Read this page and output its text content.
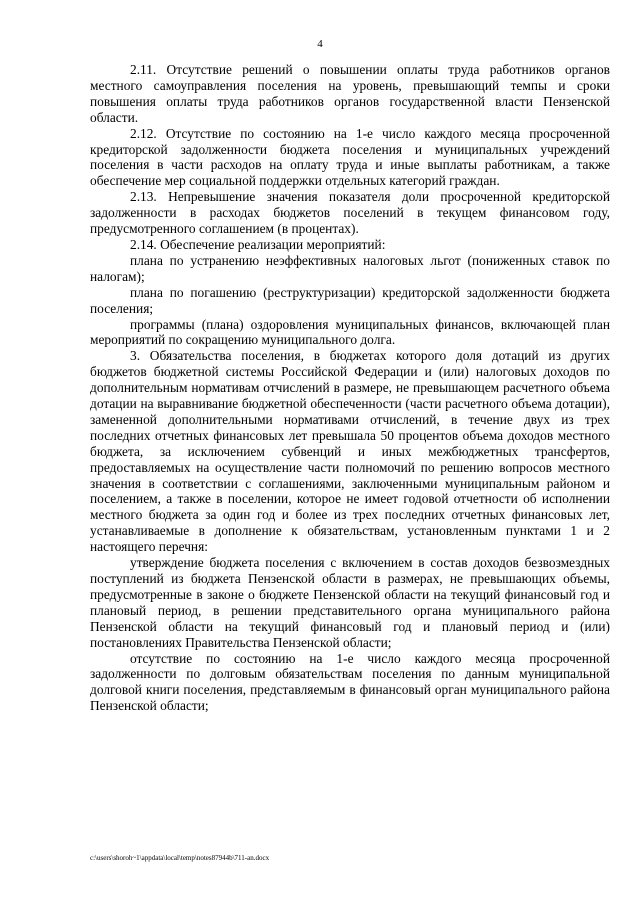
4

2.11. Отсутствие решений о повышении оплаты труда работников органов местного самоуправления поселения на уровень, превышающий темпы и сроки повышения оплаты труда работников органов государственной власти Пензенской области.

2.12. Отсутствие по состоянию на 1-е число каждого месяца просроченной кредиторской задолженности бюджета поселения и муниципальных учреждений поселения в части расходов на оплату труда и иные выплаты работникам, а также обеспечение мер социальной поддержки отдельных категорий граждан.

2.13. Непревышение значения показателя доли просроченной кредиторской задолженности в расходах бюджетов поселений в текущем финансовом году, предусмотренного соглашением (в процентах).

2.14. Обеспечение реализации мероприятий:

плана по устранению неэффективных налоговых льгот (пониженных ставок по налогам);

плана по погашению (реструктуризации) кредиторской задолженности бюджета поселения;

программы (плана) оздоровления муниципальных финансов, включающей план мероприятий по сокращению муниципального долга.

3. Обязательства поселения, в бюджетах которого доля дотаций из других бюджетов бюджетной системы Российской Федерации и (или) налоговых доходов по дополнительным нормативам отчислений в размере, не превышающем расчетного объема дотации на выравнивание бюджетной обеспеченности (части расчетного объема дотации), замененной дополнительными нормативами отчислений, в течение двух из трех последних отчетных финансовых лет превышала 50 процентов объема доходов местного бюджета, за исключением субвенций и иных межбюджетных трансфертов, предоставляемых на осуществление части полномочий по решению вопросов местного значения в соответствии с соглашениями, заключенными муниципальным районом и поселением, а также в поселении, которое не имеет годовой отчетности об исполнении местного бюджета за один год и более из трех последних отчетных финансовых лет, устанавливаемые в дополнение к обязательствам, установленным пунктами 1 и 2 настоящего перечня:

утверждение бюджета поселения с включением в состав доходов безвозмездных поступлений из бюджета Пензенской области в размерах, не превышающих объемы, предусмотренные в законе о бюджете Пензенской области на текущий финансовый год и плановый период, в решении представительного органа муниципального района Пензенской области на текущий финансовый год и плановый период и (или) постановлениях Правительства Пензенской области;

отсутствие по состоянию на 1-е число каждого месяца просроченной задолженности по долговым обязательствам поселения по данным муниципальной долговой книги поселения, представляемым в финансовый орган муниципального района Пензенской области;

c:\users\shoroh~1\appdata\local\temp\notes87944b\711-an.docx
